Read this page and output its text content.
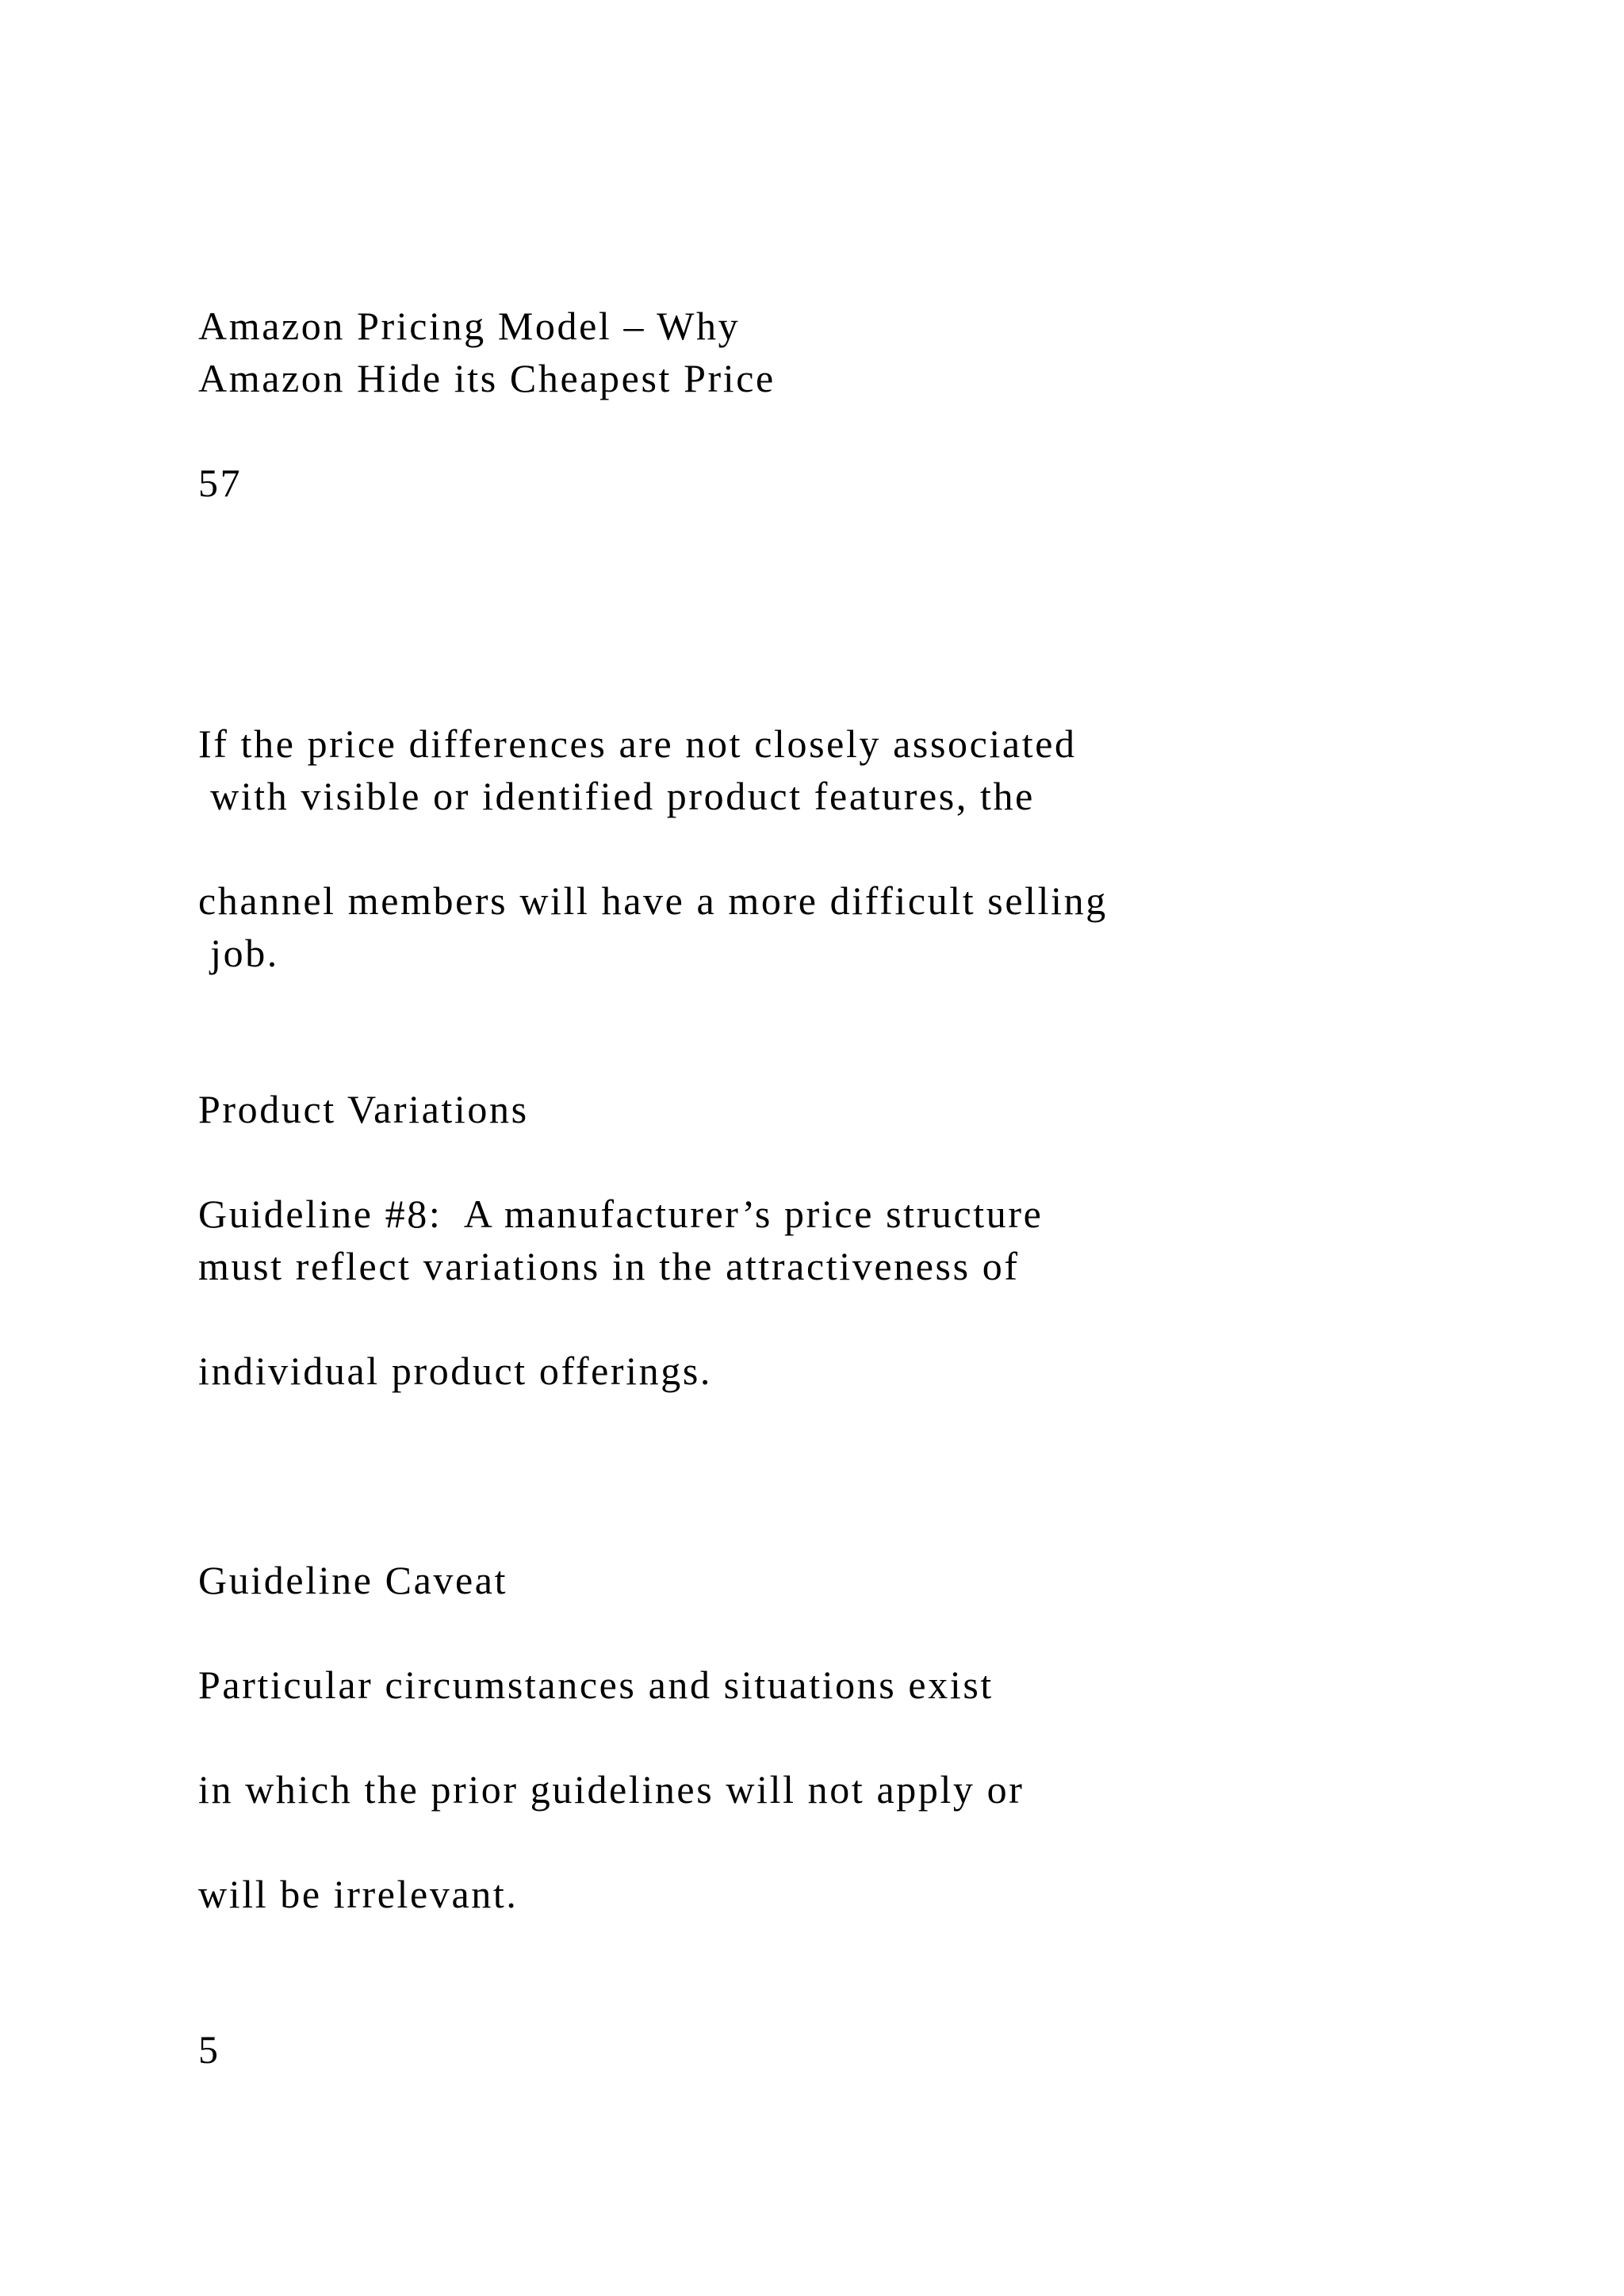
Amazon Pricing Model – Why

Amazon Hide its Cheapest Price

57

If the price differences are not closely associated

with visible or identified product features, the

channel members will have a more difficult selling

job.

Product Variations

Guideline #8:  A manufacturer’s price structure

must reflect variations in the attractiveness of

individual product offerings.

Guideline Caveat

Particular circumstances and situations exist

in which the prior guidelines will not apply or

will be irrelevant.

5
